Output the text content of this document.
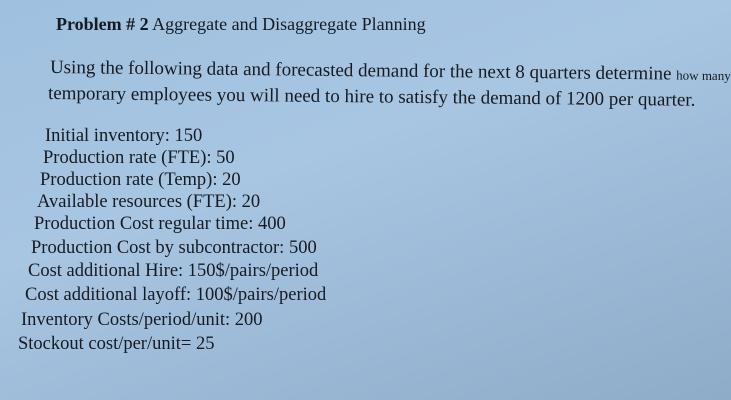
Problem # 2 Aggregate and Disaggregate Planning
Using the following data and forecasted demand for the next 8 quarters determine how many
temporary employees you will need to hire to satisfy the demand of 1200 per quarter.
Initial inventory: 150
Production rate (FTE): 50
Production rate (Temp): 20
Available resources (FTE): 20
Production Cost regular time: 400
Production Cost by subcontractor: 500
Cost additional Hire: 150$/pairs/period
Cost additional layoff: 100$/pairs/period
Inventory Costs/period/unit: 200
Stockout cost/per/unit= 25
